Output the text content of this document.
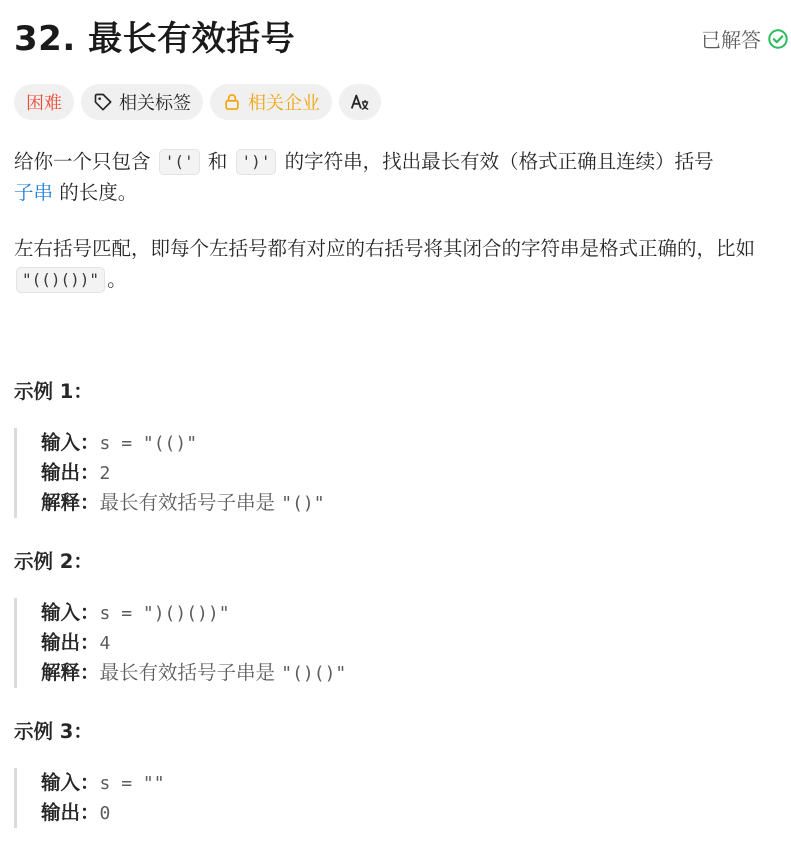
32. 最长有效括号	已解答
困难	相关标签	相关企业

给你一个只包含 '(' 和 ')' 的字符串，找出最长有效（格式正确且连续）括号
子串 的长度。

左右括号匹配，即每个左括号都有对应的右括号将其闭合的字符串是格式正确的，比如"(()())" 。

示例 1：
输入：s = "(()"
输出：2
解释：最长有效括号子串是 "()"
示例 2：
输入：s = ")()())"
输出：4
解释：最长有效括号子串是 "()()"
示例 3：
输入：s = ""
输出：0
